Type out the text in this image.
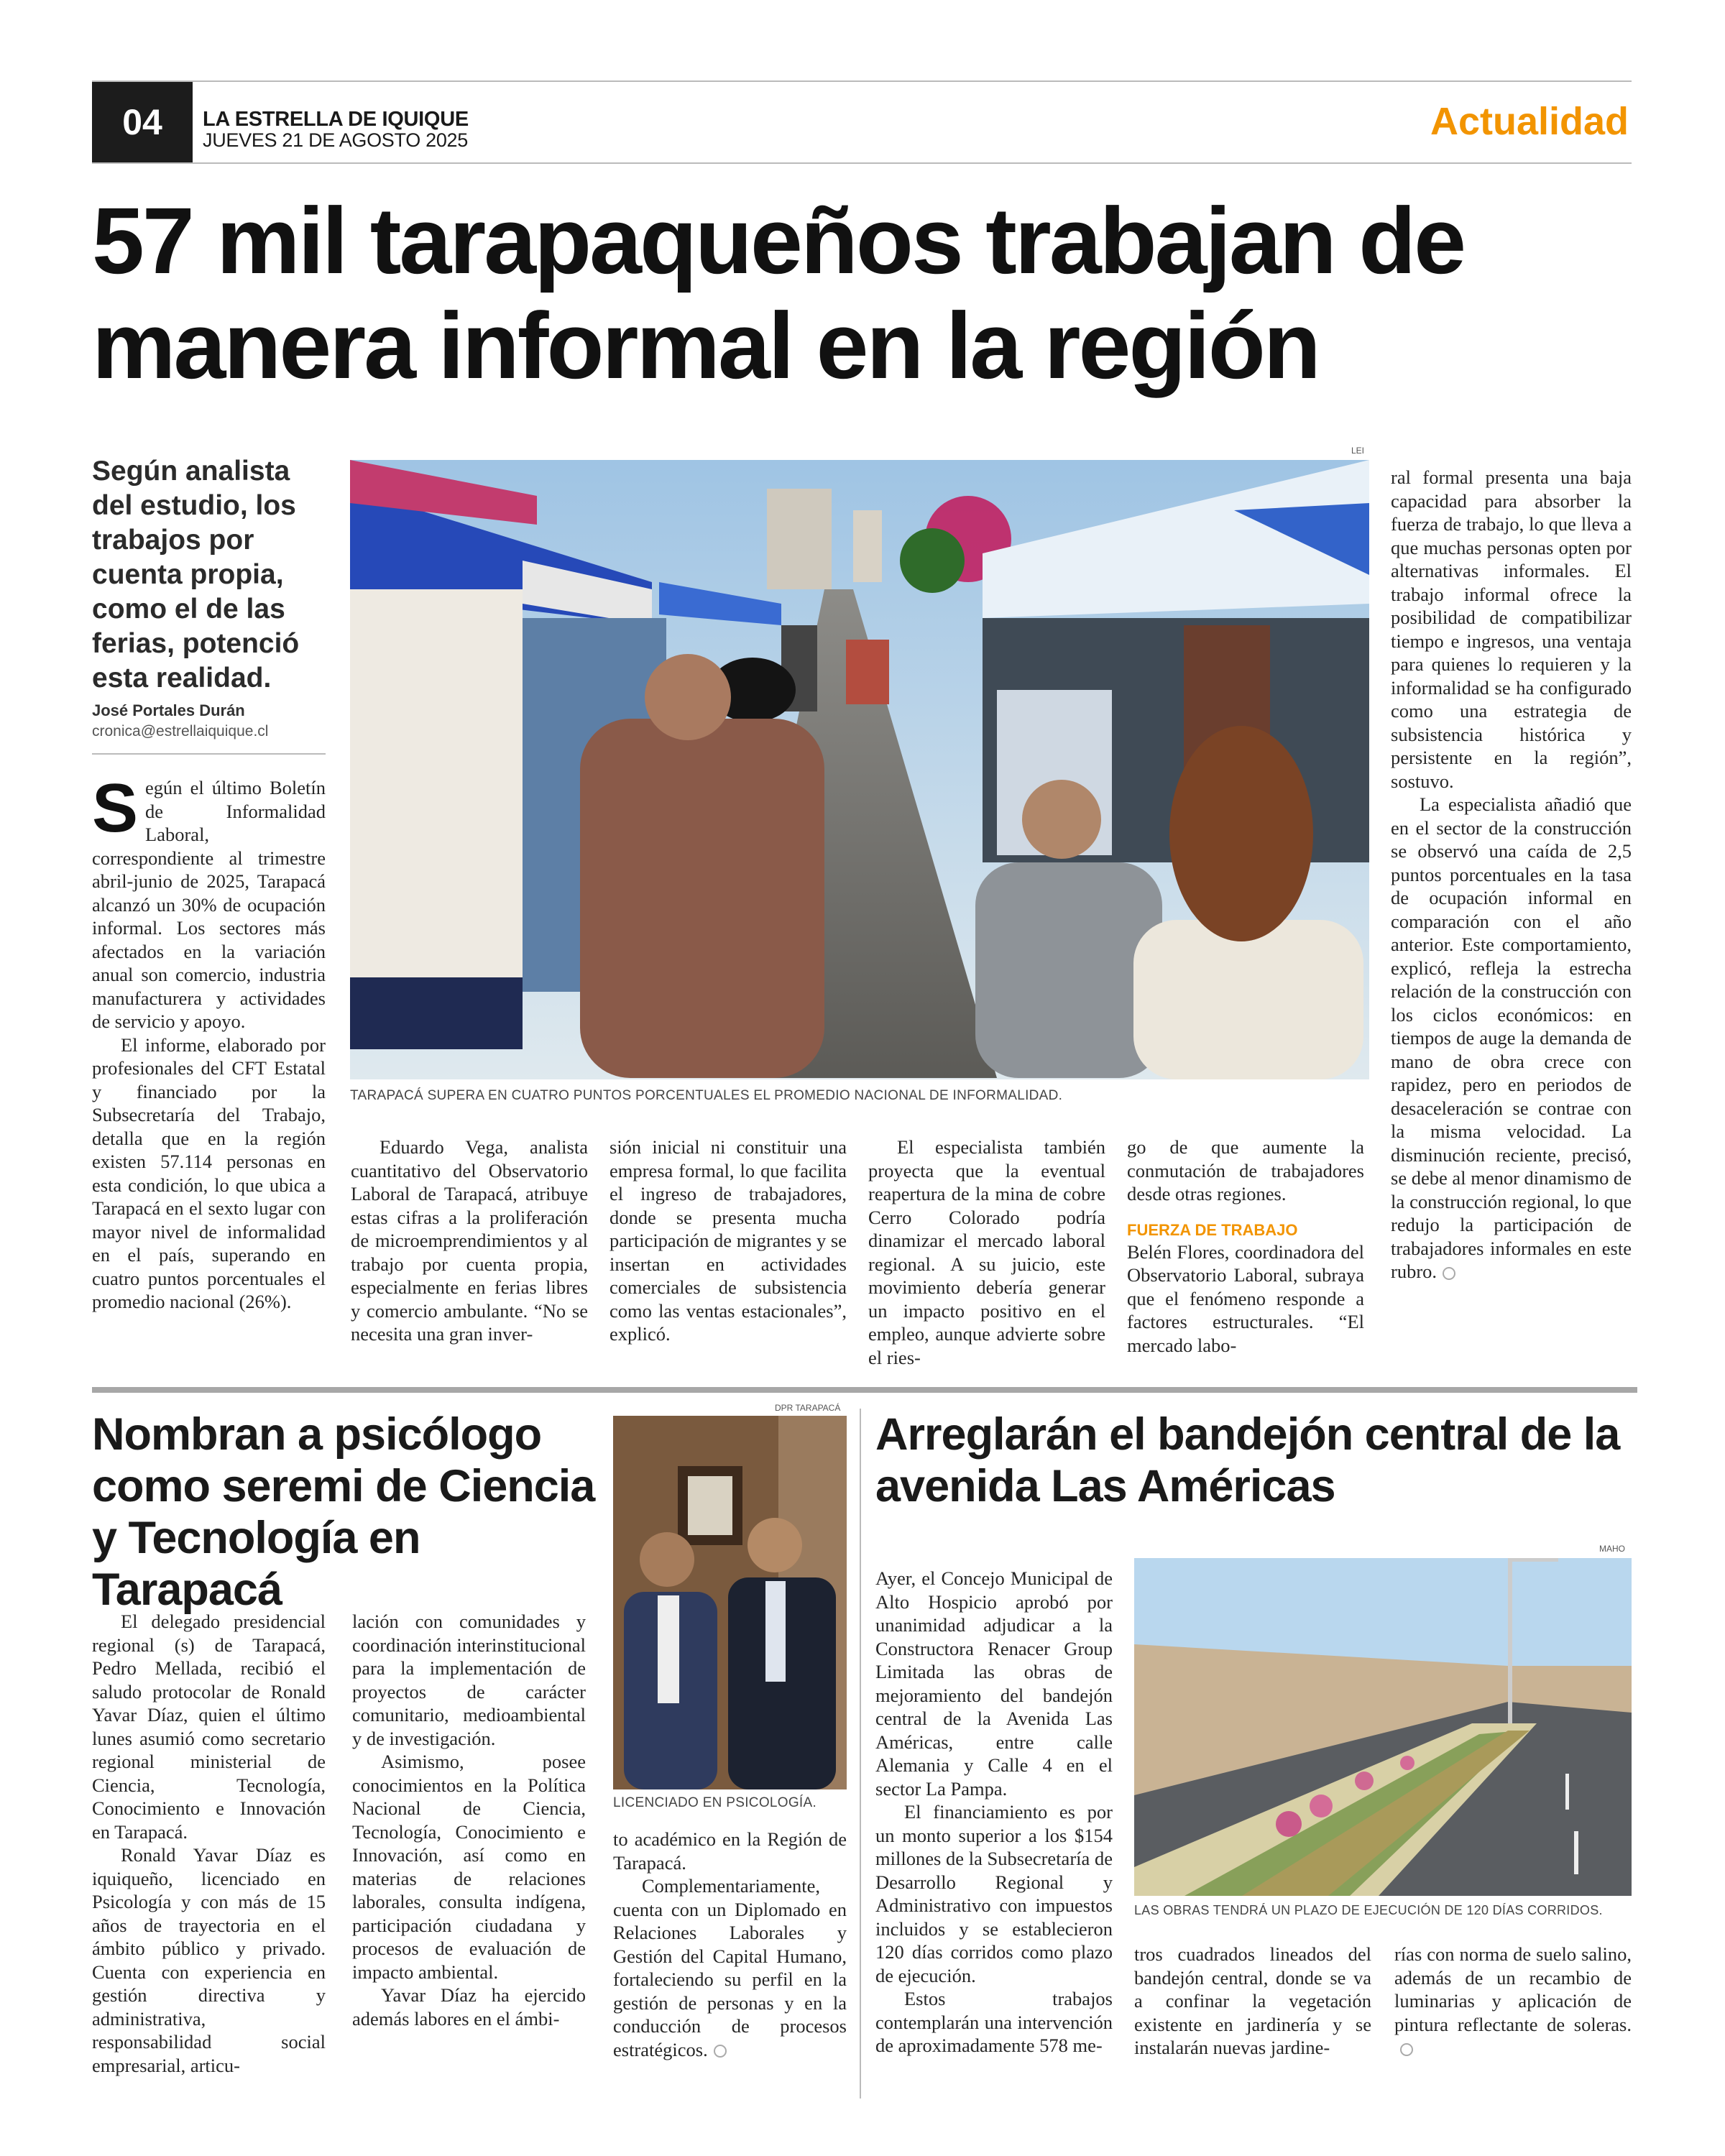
04 LA ESTRELLA DE IQUIQUE
JUEVES 21 DE AGOSTO 2025	Actualidad
57 mil tarapaqueños trabajan de
manera informal en la región
Según analista del estudio, los trabajos por cuenta propia, como el de las ferias, potenció esta realidad.
José Portales Durán
cronica@estrellaiquique.cl
LEI
TARAPACÁ SUPERA EN CUATRO PUNTOS PORCENTUALES EL PROMEDIO NACIONAL DE INFORMALIDAD.

Según el último Boletín de Informalidad Laboral, correspondiente al trimestre abril-junio de 2025, Tarapacá alcanzó un 30% de ocupación informal. Los sectores más afectados en la variación anual son comercio, industria manufacturera y actividades de servicio y apoyo.

El informe, elaborado por profesionales del CFT Estatal y financiado por la Subsecretaría del Trabajo, detalla que en la región existen 57.114 personas en esta condición, lo que ubica a Tarapacá en el sexto lugar con mayor nivel de informalidad en el país, superando en cuatro puntos porcentuales el promedio nacional (26%).

Eduardo Vega, analista cuantitativo del Observatorio Laboral de Tarapacá, atribuye estas cifras a la proliferación de microemprendimientos y al trabajo por cuenta propia, especialmente en ferias libres y comercio ambulante. “No se necesita una gran inver-

sión inicial ni constituir una empresa formal, lo que facilita el ingreso de trabajadores, donde se presenta mucha participación de migrantes y se insertan en actividades comerciales de subsistencia como las ventas estacionales”, explicó.

El especialista también proyecta que la eventual reapertura de la mina de cobre Cerro Colorado podría dinamizar el mercado laboral regional. A su juicio, este movimiento debería generar un impacto positivo en el empleo, aunque advierte sobre el ries-

go de que aumente la conmutación de trabajadores desde otras regiones.

FUERZA DE TRABAJO

Belén Flores, coordinadora del Observatorio Laboral, subraya que el fenómeno responde a factores estructurales. “El mercado labo-

ral formal presenta una baja capacidad para absorber la fuerza de trabajo, lo que lleva a que muchas personas opten por alternativas informales. El trabajo informal ofrece la posibilidad de compatibilizar tiempo e ingresos, una ventaja para quienes lo requieren y la informalidad se ha configurado como una estrategia de subsistencia histórica y persistente en la región”, sostuvo.

La especialista añadió que en el sector de la construcción se observó una caída de 2,5 puntos porcentuales en la tasa de ocupación informal en comparación con el año anterior. Este comportamiento, explicó, refleja la estrecha relación de la construcción con los ciclos económicos: en tiempos de auge la demanda de mano de obra crece con rapidez, pero en periodos de desaceleración se contrae con la misma velocidad. La disminución reciente, precisó, se debe al menor dinamismo de la construcción regional, lo que redujo la participación de trabajadores informales en este rubro.

Nombran a psicólogo como seremi de Ciencia y Tecnología en Tarapacá
DPR TARAPACÁ
LICENCIADO EN PSICOLOGÍA.

El delegado presidencial regional (s) de Tarapacá, Pedro Mellada, recibió el saludo protocolar de Ronald Yavar Díaz, quien el último lunes asumió como secretario regional ministerial de Ciencia, Tecnología, Conocimiento e Innovación en Tarapacá.

Ronald Yavar Díaz es iquiqueño, licenciado en Psicología y con más de 15 años de trayectoria en el ámbito público y privado. Cuenta con experiencia en gestión directiva y administrativa, responsabilidad social empresarial, articu-

lación con comunidades y coordinación interinstitucional para la implementación de proyectos de carácter comunitario, medioambiental y de investigación.

Asimismo, posee conocimientos en la Política Nacional de Ciencia, Tecnología, Conocimiento e Innovación, así como en materias de relaciones laborales, consulta indígena, participación ciudadana y procesos de evaluación de impacto ambiental.

Yavar Díaz ha ejercido además labores en el ámbi-

to académico en la Región de Tarapacá.

Complementariamente, cuenta con un Diplomado en Relaciones Laborales y Gestión del Capital Humano, fortaleciendo su perfil en la gestión de personas y en la conducción de procesos estratégicos.

Arreglarán el bandejón central de la avenida Las Américas

Ayer, el Concejo Municipal de Alto Hospicio aprobó por unanimidad adjudicar a la Constructora Renacer Group Limitada las obras de mejoramiento del bandejón central de la Avenida Las Américas, entre calle Alemania y Calle 4 en el sector La Pampa.

El financiamiento es por un monto superior a los $154 millones de la Subsecretaría de Desarrollo Regional y Administrativo con impuestos incluidos y se establecieron 120 días corridos como plazo de ejecución.

Estos trabajos contemplarán una intervención de aproximadamente 578 me-

MAHO
LAS OBRAS TENDRÁ UN PLAZO DE EJECUCIÓN DE 120 DÍAS CORRIDOS.

tros cuadrados lineados del bandejón central, donde se va a confinar la vegetación existente en jardinería y se instalarán nuevas jardine-

rías con norma de suelo salino, además de un recambio de luminarias y aplicación de pintura reflectante de soleras.
